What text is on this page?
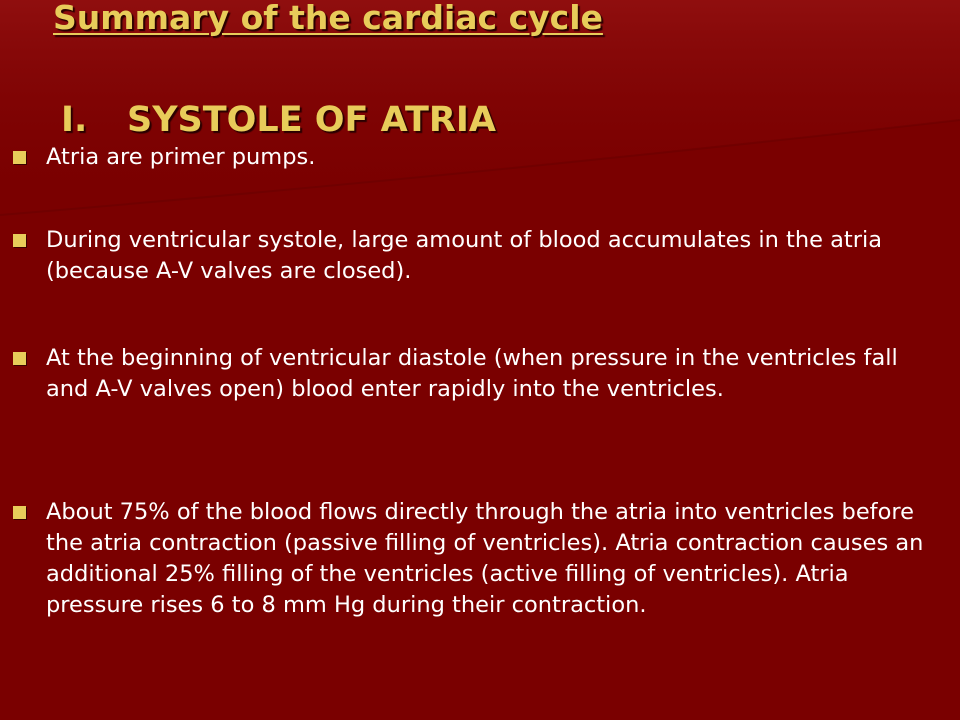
Summary of the cardiac cycle
I. SYSTOLE OF ATRIA
Atria are primer pumps.
During ventricular systole, large amount of blood accumulates in the atria (because A-V valves are closed).
At the beginning of ventricular diastole (when pressure in the ventricles fall and A-V valves open) blood enter rapidly into the ventricles.
About 75% of the blood flows directly through the atria into ventricles before the atria contraction (passive filling of ventricles). Atria contraction causes an additional 25% filling of the ventricles (active filling of ventricles). Atria pressure rises 6 to 8 mm Hg during their contraction.
